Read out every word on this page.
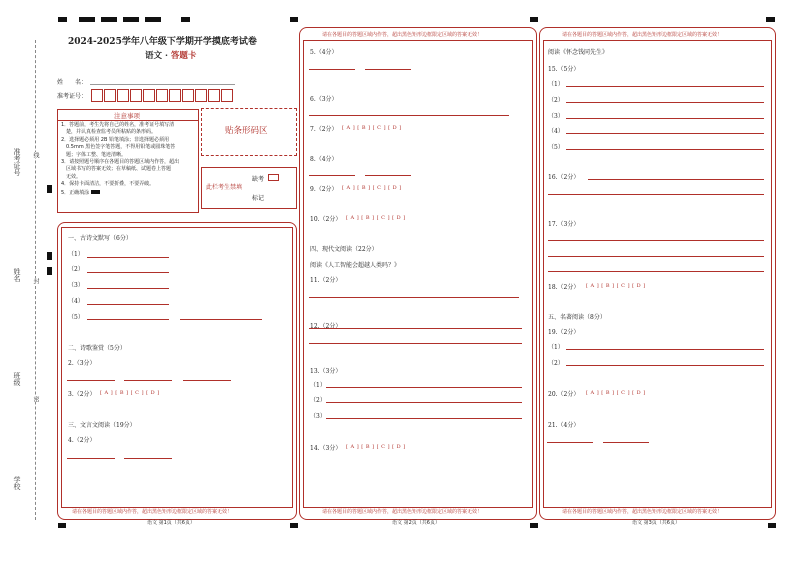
准考证号
姓名
班级
学校
线
封
密
2024-2025学年八年级下学期开学摸底考试卷
语文 · 答题卡
姓　　名：
准考证号：
注意事项
1．答题前，考生先将自己的姓名，准考证号填写清
楚，并认真检查监考员所粘贴的条形码。
2．选择题必须用 2B 铅笔填涂；非选择题必须用
0.5mm 黑色签字笔答题，不得用铅笔或圆珠笔答
题；字体工整、笔迹清晰。
3．请按照题号顺序在各题目的答题区域内作答，超出
区域书写的答案无效；在草稿纸、试题卷上答题
无效。
4．保持卡面清洁，不要折叠，不要弄破。
5．正确填涂
贴条形码区
此栏考生禁填
缺考
标记
请在各题目的答题区域内作答，超出黑色矩形边框限定区域的答案无效！
一、古诗文默写（6分）
（1）
（2）
（3）
（4）
（5）
二、诗歌鉴赏（5分）
2.（3分）
3.（2分） [ A ] [ B ] [ C ] [ D ]
三、文言文阅读（19分）
4.（2分）
语文 第1页（共6页）
请在各题目的答题区域内作答，超出黑色矩形边框限定区域的答案无效！
请在各题目的答题区域内作答，超出黑色矩形边框限定区域的答案无效！
5.（4分）
6.（3分）
7.（2分） [ A ] [ B ] [ C ] [ D ]
8.（4分）
9.（2分） [ A ] [ B ] [ C ] [ D ]
10.（2分） [ A ] [ B ] [ C ] [ D ]
四、现代文阅读（22分）
阅读《人工智能会超越人类吗？》
11.（2分）
12.（2分）
13.（3分）
（1）
（2）
（3）
14.（3分） [ A ] [ B ] [ C ] [ D ]
语文 第2页（共6页）
请在各题目的答题区域内作答，超出黑色矩形边框限定区域的答案无效！
请在各题目的答题区域内作答，超出黑色矩形边框限定区域的答案无效！
阅读《怀念钱同先生》
15.（5分）
（1）
（2）
（3）
（4）
（5）
16.（2分）
17.（3分）
18.（2分） [ A ] [ B ] [ C ] [ D ]
五、名著阅读（8分）
19.（2分）
（1）
（2）
20.（2分） [ A ] [ B ] [ C ] [ D ]
21.（4分）
语文 第3页（共6页）
